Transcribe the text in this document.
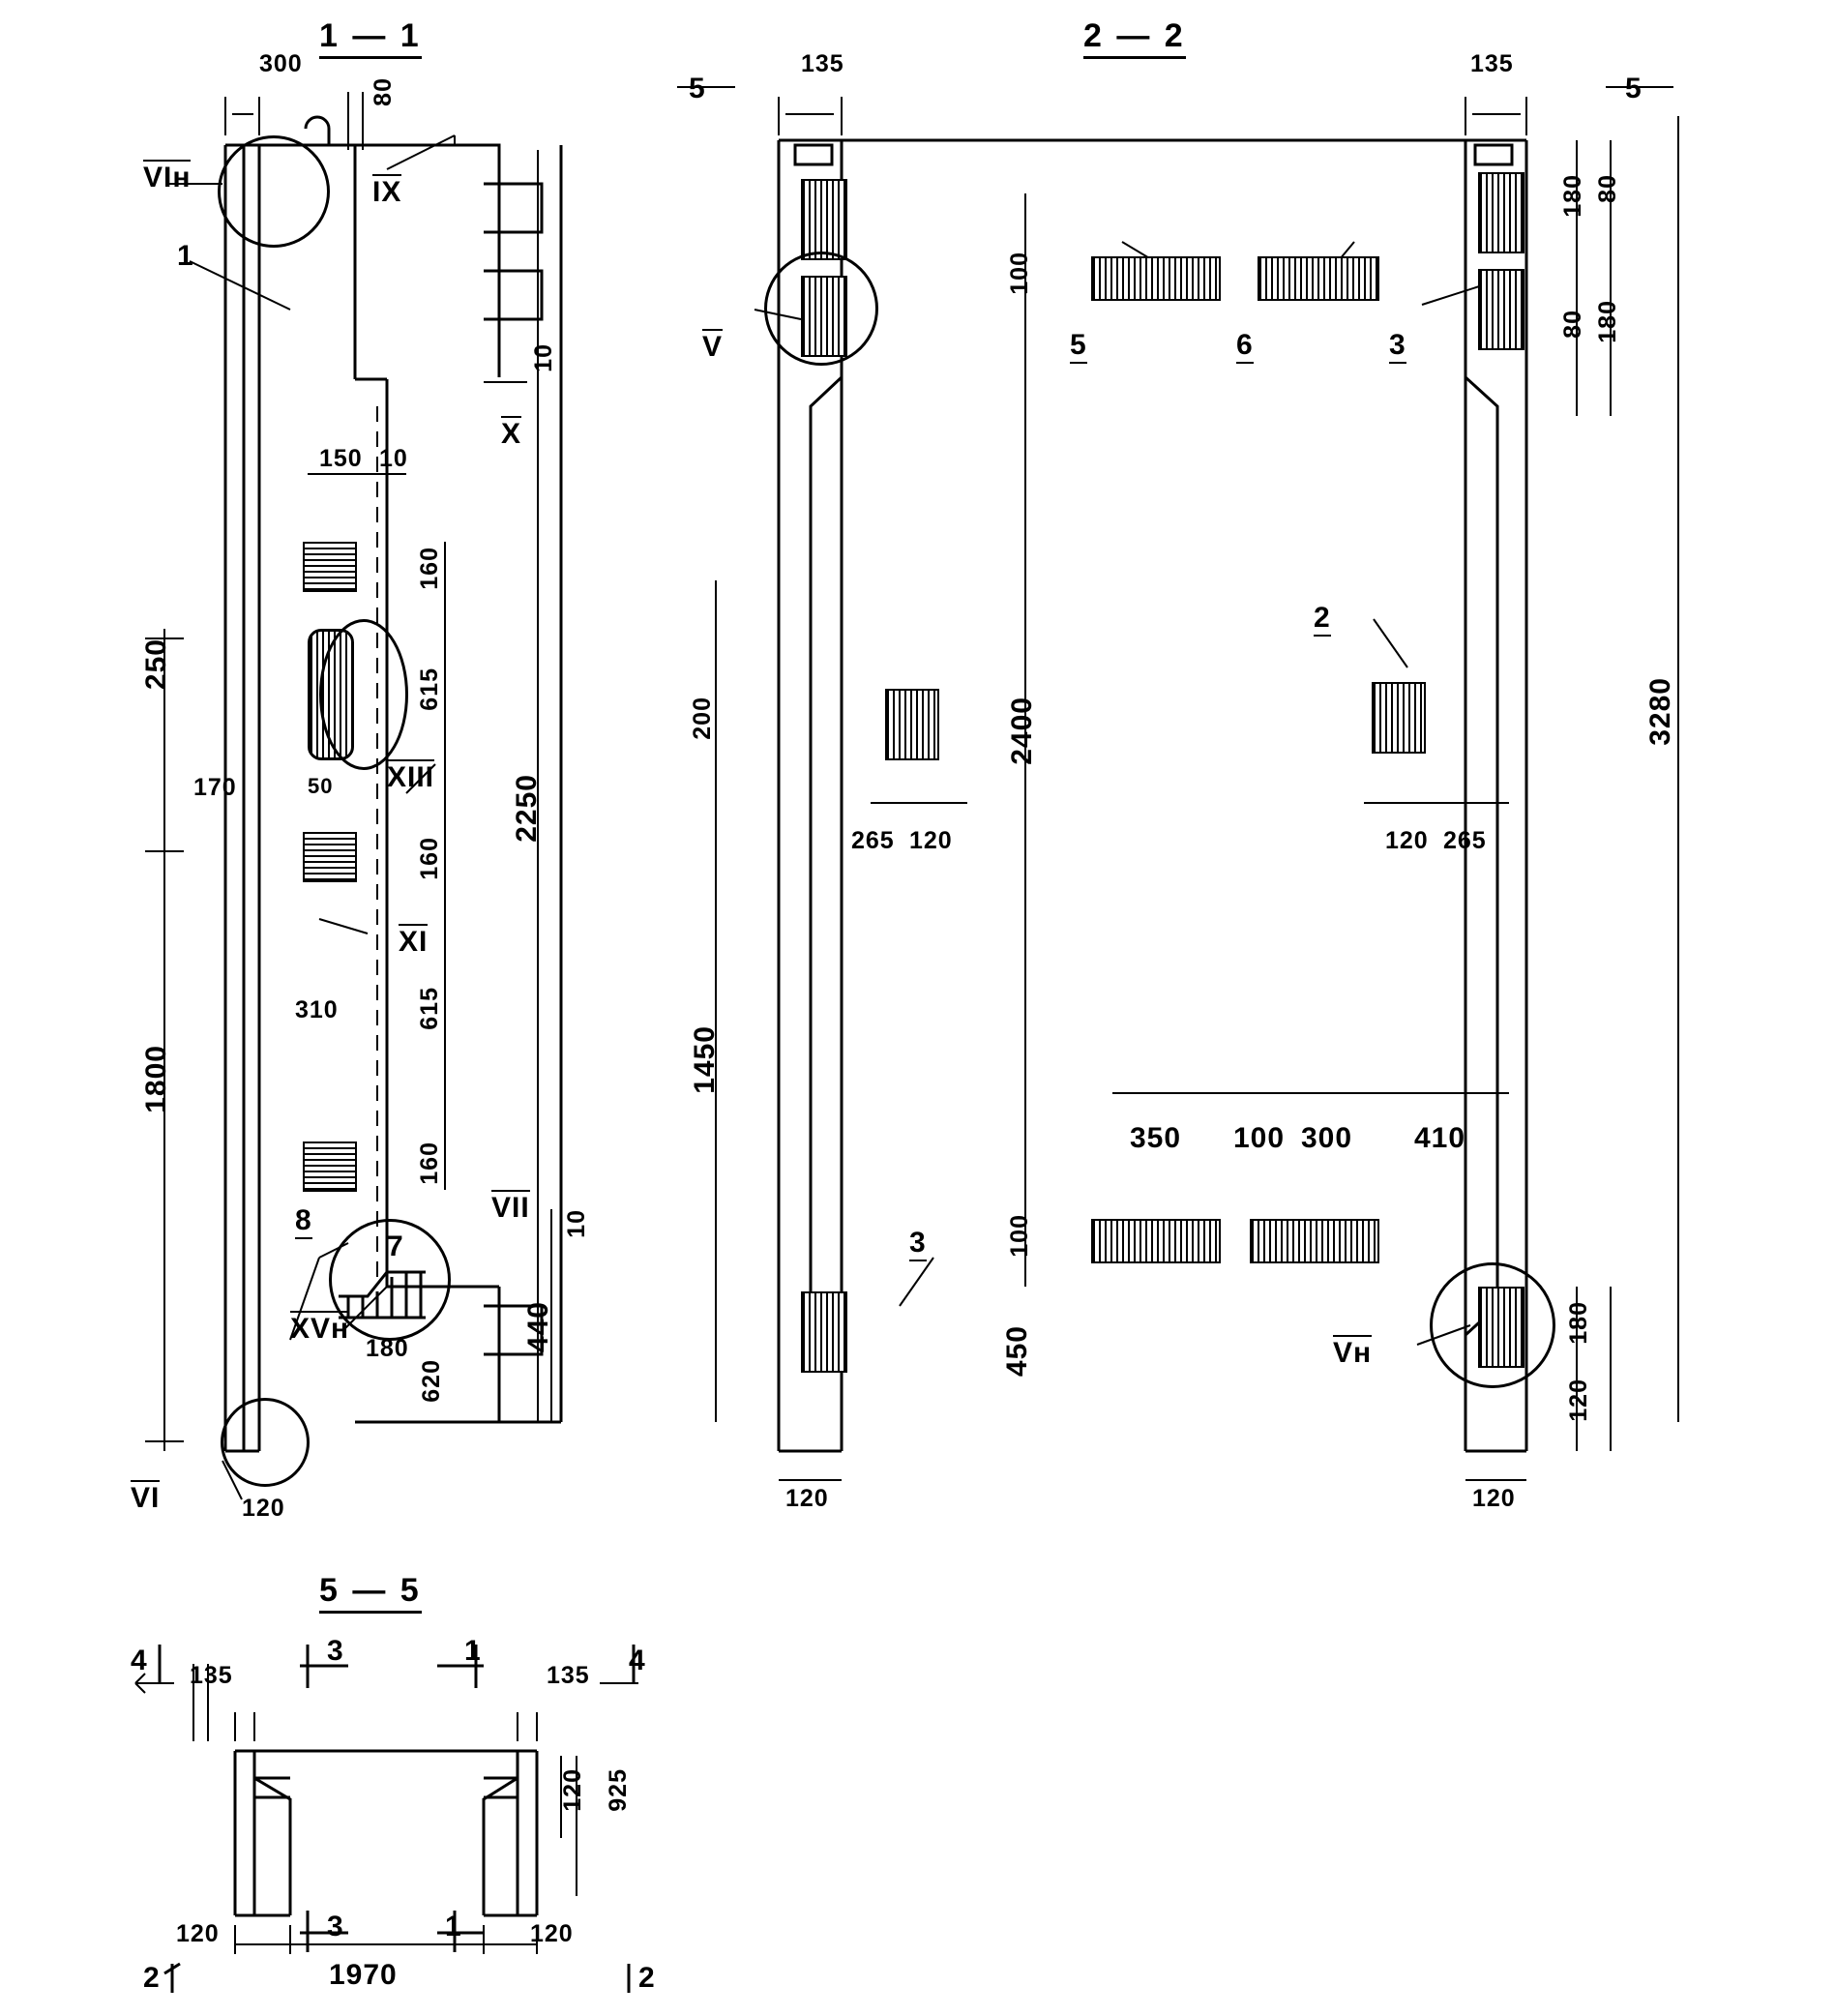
1 — 1	2 — 2
5 — 5
300
80
10
150 10
160
615
160
615
160
2250
250
1800
170	50
310
180
620
440
10
120
1
7
8
VIн	IX
X
XIII
XI
VII
XVн
VI
135	135
180 80
80 180
100
200	2400	3280
1450
100
450
265 120	120 265
350 100 300 410
180
120
120	120
5	6	3
2
3
V
Vн
5	5
135	135
120 925
120	120
1970
4	4
3
3
1
1
2	2
